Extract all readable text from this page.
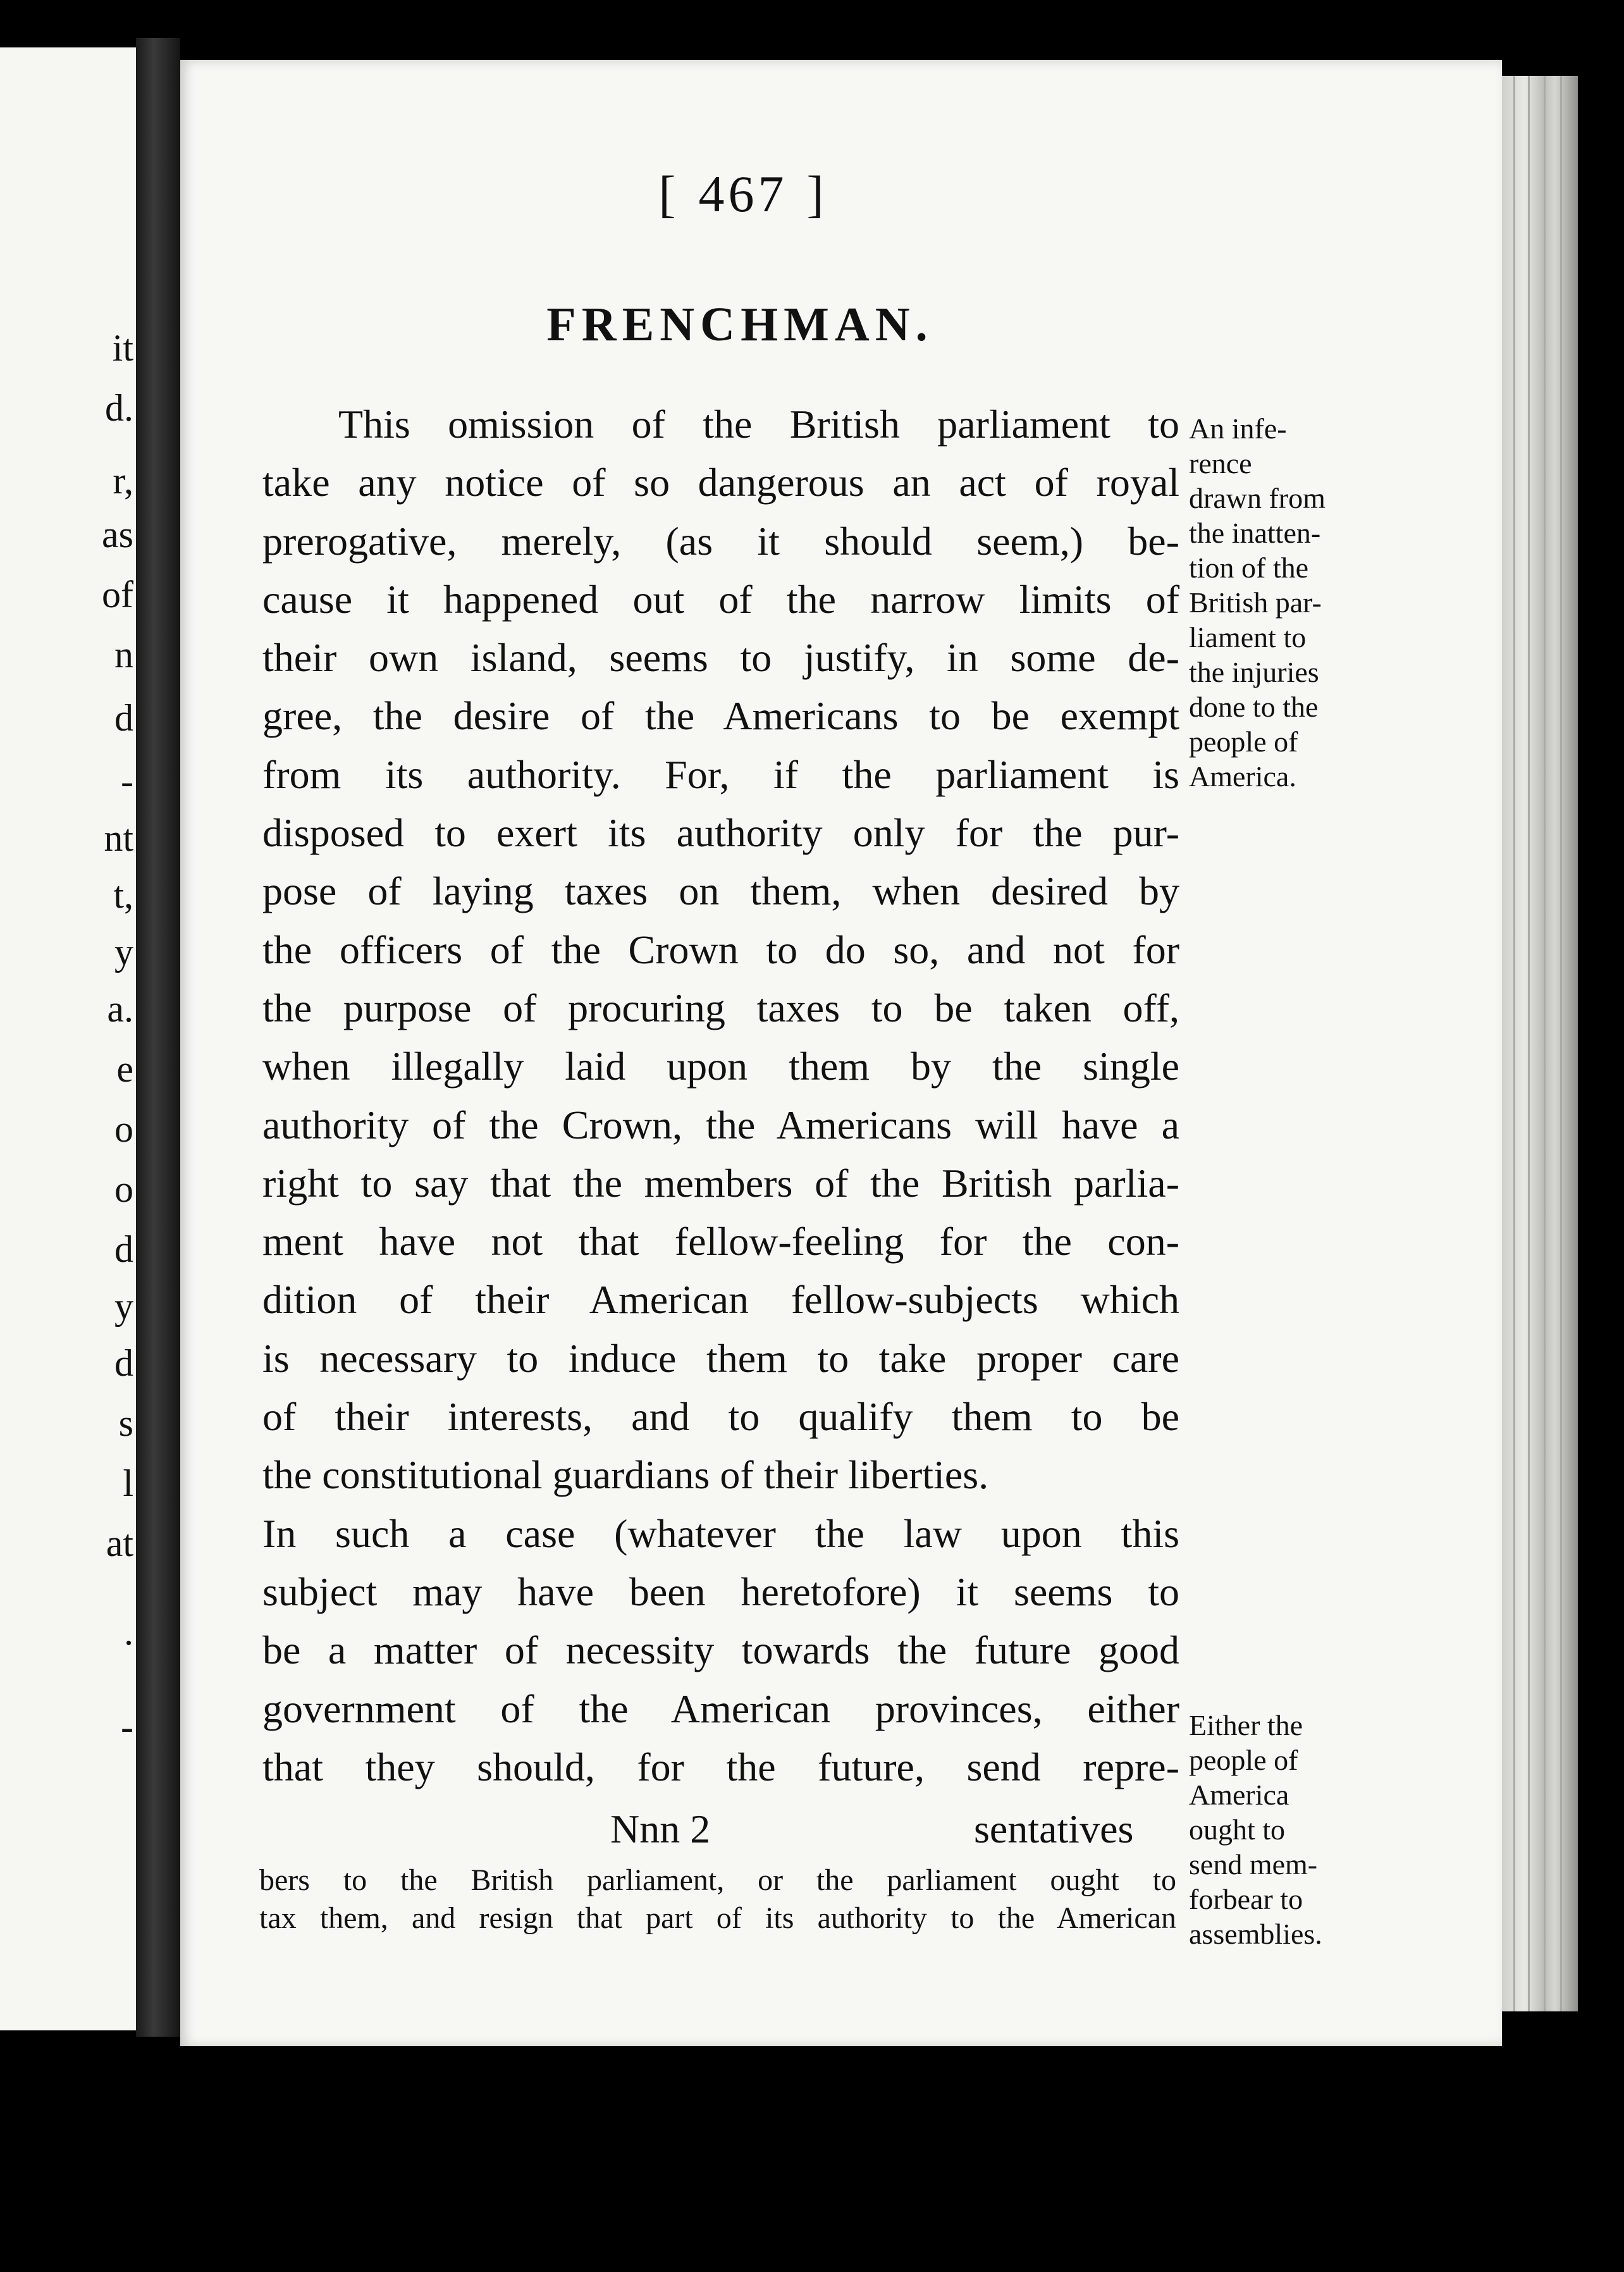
it
d.
r,
as
of
n
d
-
nt
t,
y
a.
e
o
o
d
y
d
s
l
at
.
-
[ 467 ]
FRENCHMAN.
This omission of the British parliament to
take any notice of so dangerous an act of royal
prerogative, merely, (as it should seem,) be-
cause it happened out of the narrow limits of
their own island, seems to justify, in some de-
gree, the desire of the Americans to be exempt
from its authority. For, if the parliament is
disposed to exert its authority only for the pur-
pose of laying taxes on them, when desired by
the officers of the Crown to do so, and not for
the purpose of procuring taxes to be taken off,
when illegally laid upon them by the single
authority of the Crown, the Americans will have a
right to say that the members of the British parlia-
ment have not that fellow-feeling for the con-
dition of their American fellow-subjects which
is necessary to induce them to take proper care
of their interests, and to qualify them to be
the constitutional guardians of their liberties.
In such a case (whatever the law upon this
subject may have been heretofore) it seems to
be a matter of necessity towards the future good
government of the American provinces, either
that they should, for the future, send repre-
Nnn 2	sentatives
bers to the British parliament, or the parliament ought to
tax them, and resign that part of its authority to the American
An infe-
rence
drawn from
the inatten-
tion of the
British par-
liament to
the injuries
done to the
people of
America.
Either the
people of
America
ought to
send mem-
forbear to
assemblies.
